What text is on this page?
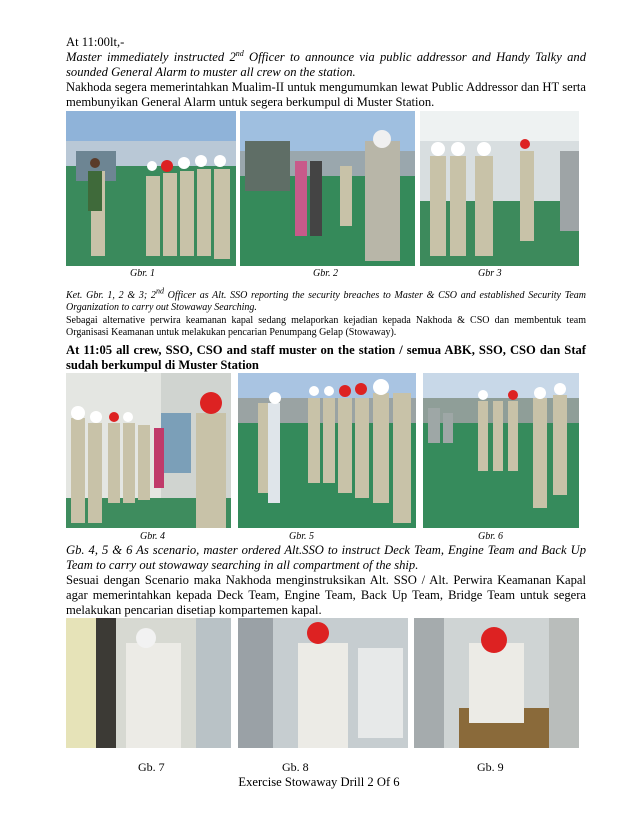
At 11:00lt,-

Master immediately instructed 2nd Officer to announce via public addressor and Handy Talky and sounded General Alarm to muster all crew on the station.

Nakhoda segera memerintahkan Mualim-II untuk mengumumkan lewat Public Addressor dan HT serta membunyikan General Alarm untuk segera berkumpul di Muster Station.

Gbr. 1	Gbr. 2	Gbr 3

Ket. Gbr. 1, 2 & 3; 2nd Officer as Alt. SSO reporting the security breaches to Master & CSO and established Security Team Organization to carry out Stowaway Searching.

Sebagai alternative perwira keamanan kapal sedang melaporkan kejadian kepada Nakhoda & CSO dan membentuk team Organisasi Keamanan untuk melakukan pencarian Penumpang Gelap (Stowaway).

At 11:05 all crew, SSO, CSO and staff muster on the station / semua ABK, SSO, CSO dan Staf sudah berkumpul di Muster Station

Gbr. 4	Gbr. 5	Gbr. 6

Gb. 4, 5 & 6 As scenario, master ordered Alt.SSO to instruct Deck Team, Engine Team and Back Up Team to carry out stowaway searching in all compartment of the ship.

Sesuai dengan Scenario maka Nakhoda menginstruksikan Alt. SSO / Alt. Perwira Keamanan Kapal agar memerintahkan kepada Deck Team, Engine Team, Back Up Team, Bridge Team untuk segera melakukan pencarian disetiap kompartemen kapal.

Gb. 7	Gb. 8	Gb. 9
Exercise Stowaway Drill 2 Of 6
